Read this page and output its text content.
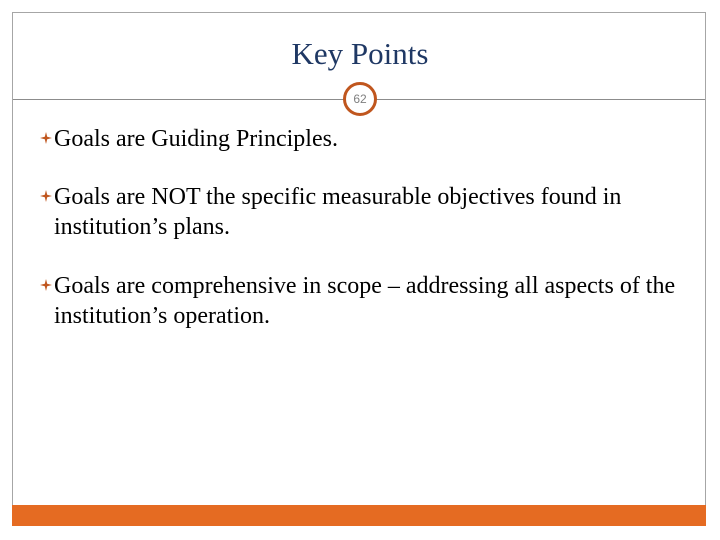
Key Points
62
Goals are Guiding Principles.
Goals are NOT the specific measurable objectives found in institution’s plans.
Goals are comprehensive in scope – addressing all aspects of the institution’s operation.
